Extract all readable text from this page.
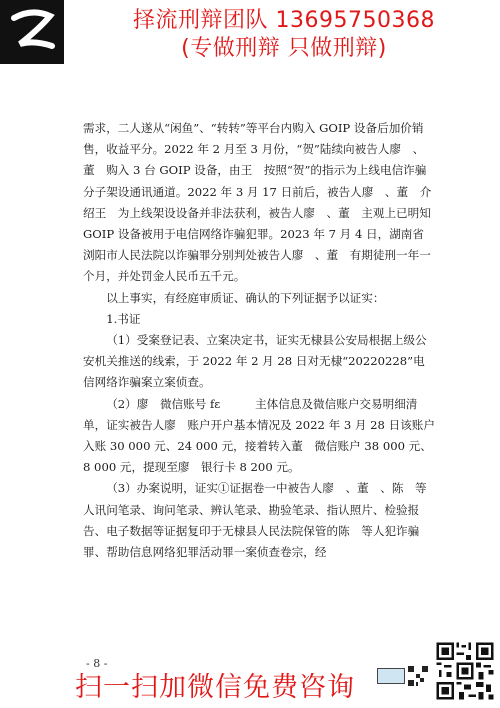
择流刑辩团队 13695750368
(专做刑辩 只做刑辩)

需求，二人遂从“闲鱼”、“转转”等平台内购入 GOIP 设备后加价销售，收益平分。2022 年 2 月至 3 月份，“贺”陆续向被告人廖　、董　购入 3 台 GOIP 设备，由王　按照“贺”的指示为上线电信诈骗分子架设通讯通道。2022 年 3 月 17 日前后，被告人廖　、董　介绍王　为上线架设设备并非法获利，被告人廖　、董　主观上已明知 GOIP 设备被用于电信网络诈骗犯罪。2023 年 7 月 4 日，湖南省浏阳市人民法院以诈骗罪分别判处被告人廖　、董　有期徒刑一年一个月，并处罚金人民币五千元。

以上事实，有经庭审质证、确认的下列证据予以证实：

1.书证

（1）受案登记表、立案决定书，证实无棣县公安局根据上级公安机关推送的线索，于 2022 年 2 月 28 日对无棣“20220228”电信网络诈骗案立案侦查。

（2）廖　微信账号 fε　　　主体信息及微信账户交易明细清单，证实被告人廖　账户开户基本情况及 2022 年 3 月 28 日该账户入账 30 000 元、24 000 元，接着转入董　微信账户 38 000 元、8 000 元，提现至廖　银行卡 8 200 元。

（3）办案说明，证实①证据卷一中被告人廖　、董　、陈　等人讯问笔录、询问笔录、辨认笔录、勘验笔录、指认照片、检验报告、电子数据等证据复印于无棣县人民法院保管的陈　等人犯诈骗罪、帮助信息网络犯罪活动罪一案侦查卷宗，经

- 8 -
扫一扫加微信免费咨询
